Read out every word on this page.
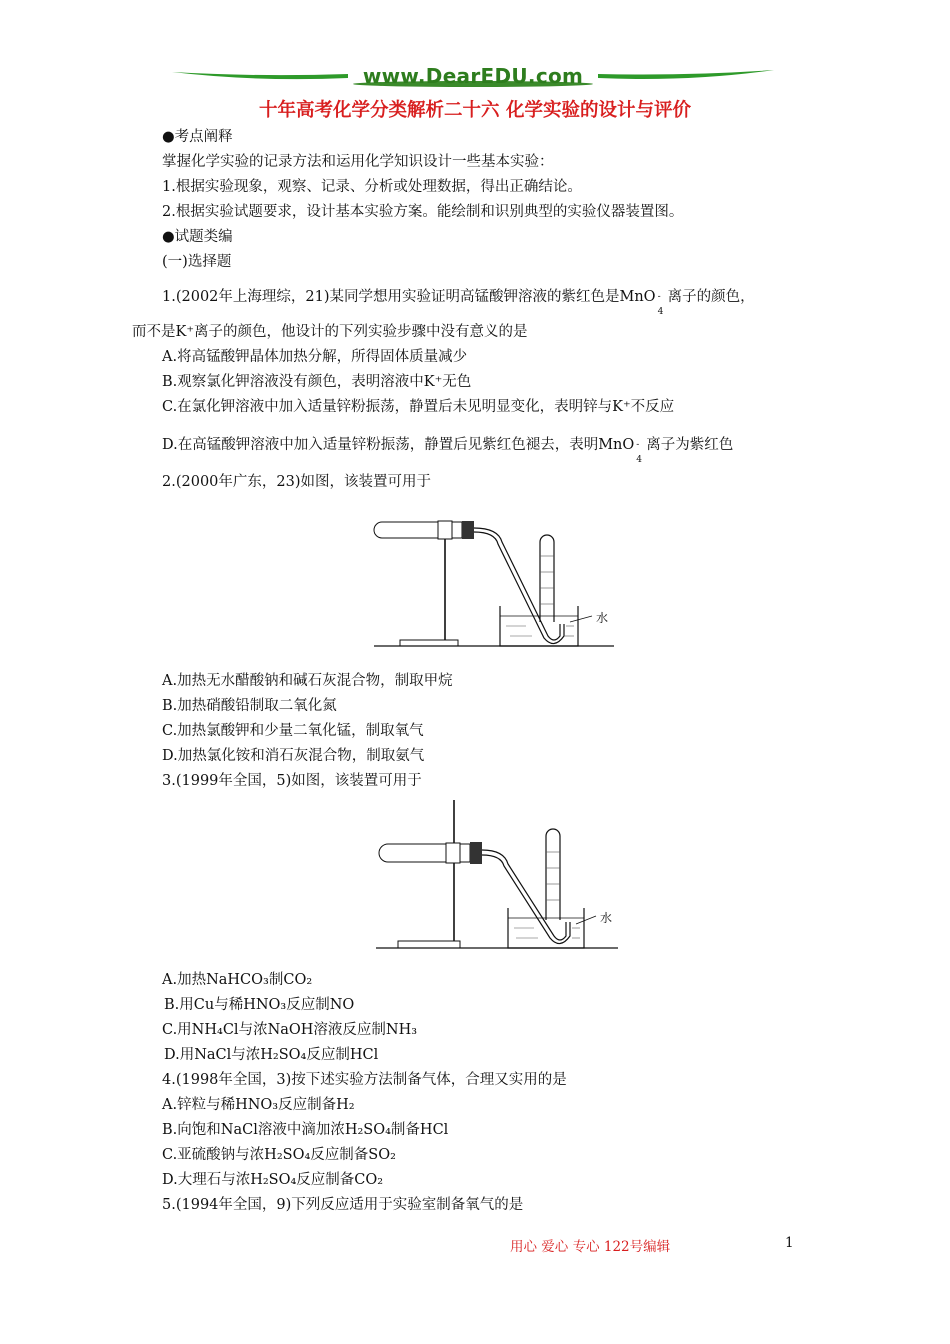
www.DearEDU.com
十年高考化学分类解析二十六 化学实验的设计与评价
●考点阐释
掌握化学实验的记录方法和运用化学知识设计一些基本实验：
1.根据实验现象，观察、记录、分析或处理数据，得出正确结论。
2.根据实验试题要求，设计基本实验方案。能绘制和识别典型的实验仪器装置图。
●试题类编
(一)选择题
1.(2002年上海理综，21)某同学想用实验证明高锰酸钾溶液的紫红色是MnO -
4
离子的颜色，
而不是K⁺离子的颜色，他设计的下列实验步骤中没有意义的是
A.将高锰酸钾晶体加热分解，所得固体质量减少
B.观察氯化钾溶液没有颜色，表明溶液中K⁺无色
C.在氯化钾溶液中加入适量锌粉振荡，静置后未见明显变化，表明锌与K⁺不反应
D.在高锰酸钾溶液中加入适量锌粉振荡，静置后见紫红色褪去，表明MnO -
4
离子为紫红色
2.(2000年广东，23)如图，该装置可用于
水
A.加热无水醋酸钠和碱石灰混合物，制取甲烷
B.加热硝酸铅制取二氧化氮
C.加热氯酸钾和少量二氧化锰，制取氧气
D.加热氯化铵和消石灰混合物，制取氨气
3.(1999年全国，5)如图，该装置可用于
水
A.加热NaHCO₃制CO₂
B.用Cu与稀HNO₃反应制NO
C.用NH₄Cl与浓NaOH溶液反应制NH₃
D.用NaCl与浓H₂SO₄反应制HCl
4.(1998年全国，3)按下述实验方法制备气体，合理又实用的是
A.锌粒与稀HNO₃反应制备H₂
B.向饱和NaCl溶液中滴加浓H₂SO₄制备HCl
C.亚硫酸钠与浓H₂SO₄反应制备SO₂
D.大理石与浓H₂SO₄反应制备CO₂
5.(1994年全国，9)下列反应适用于实验室制备氧气的是
用心 爱心 专心 122号编辑	1
